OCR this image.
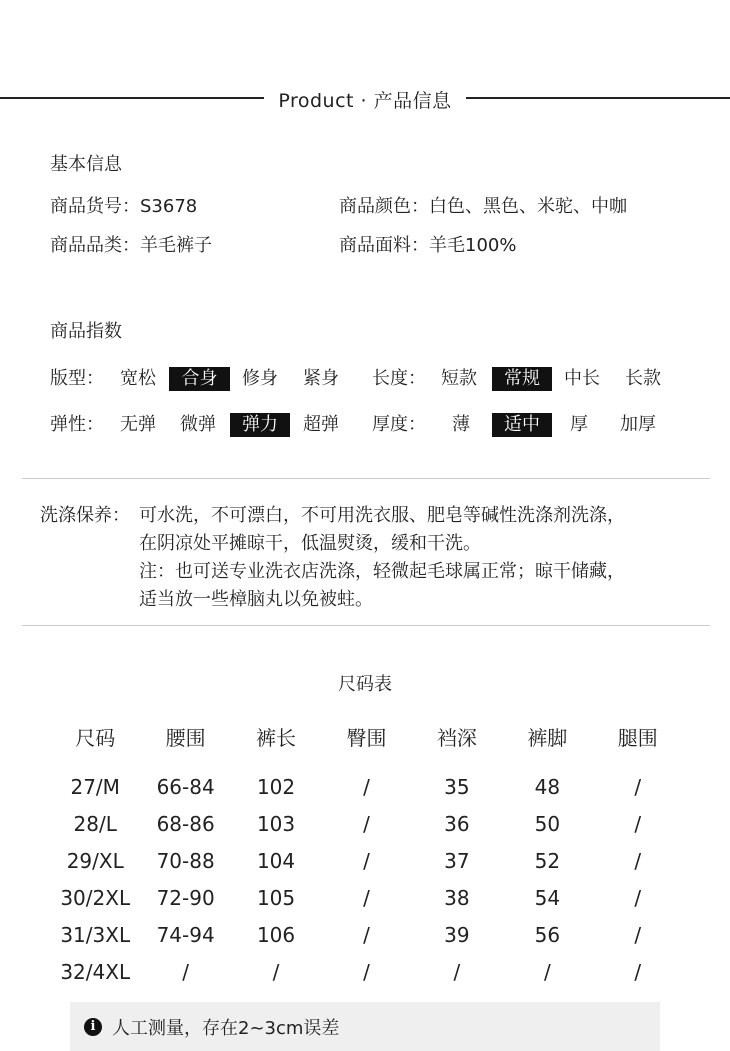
Product · 产品信息
基本信息
商品货号：S3678	商品颜色：白色、黑色、米驼、中咖
商品品类：羊毛裤子	商品面料：羊毛100%
商品指数
版型： 宽松	合身	修身 紧身 长度： 短款	常规	中长 长款
弹性： 无弹 微弹	弹力	超弹 厚度： 薄	适中	厚 加厚
洗涤保养： 可水洗，不可漂白，不可用洗衣服、肥皂等碱性洗涤剂洗涤，
在阴凉处平摊晾干，低温熨烫，缓和干洗。
注：也可送专业洗衣店洗涤，轻微起毛球属正常；晾干储藏，
适当放一些樟脑丸以免被蛀。
尺码表
尺码	腰围	裤长	臀围	裆深	裤脚	腿围

27/M	66-84	102	/	35	48	/
28/L	68-86	103	/	36	50	/
29/XL	70-88	104	/	37	52	/
30/2XL	72-90	105	/	38	54	/
31/3XL	74-94	106	/	39	56	/
32/4XL	/	/	/	/	/	/
i 人工测量，存在2~3cm误差
